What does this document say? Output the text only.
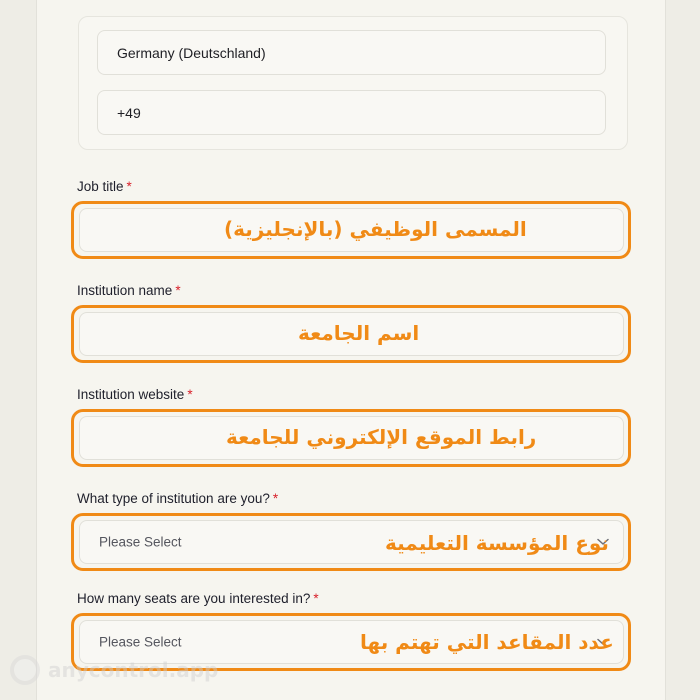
Germany (Deutschland)
+49
Job title *
المسمى الوظيفي (بالإنجليزية)
Institution name *
اسم الجامعة
Institution website *
رابط الموقع الإلكتروني للجامعة
What type of institution are you? *
Please Select	نوع المؤسسة التعليمية
How many seats are you interested in? *
Please Select	عدد المقاعد التي تهتم بها
anycontrol.app
